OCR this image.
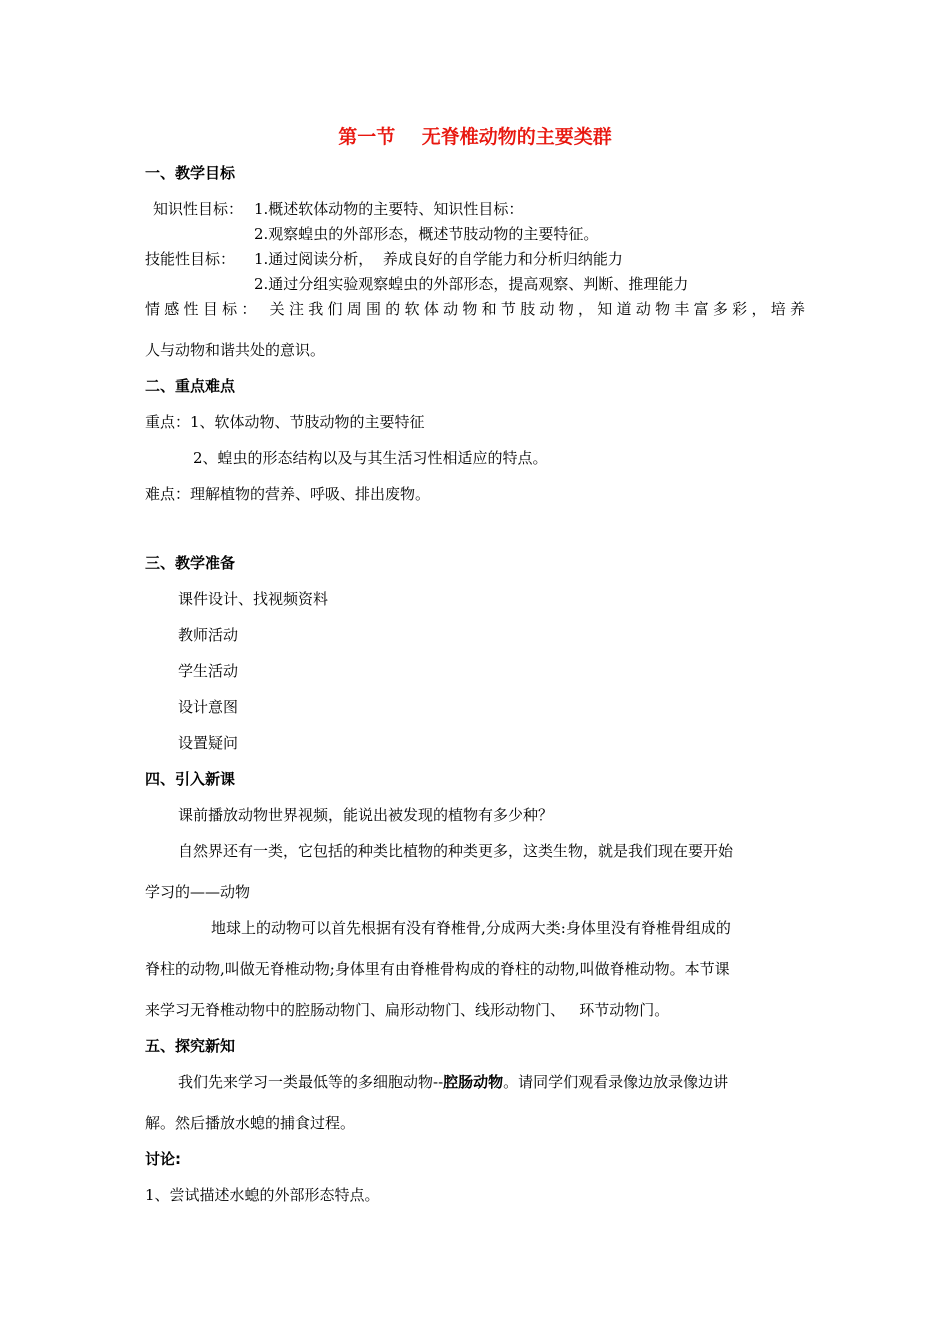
第一节    无脊椎动物的主要类群
一、教学目标
知识性目标： 1.概述软体动物的主要特、知识性目标：
2.观察蝗虫的外部形态，概述节肢动物的主要特征。
技能性目标： 1.通过阅读分析，  养成良好的自学能力和分析归纳能力
2.通过分组实验观察蝗虫的外部形态，提高观察、判断、推理能力
情感性目标： 关注我们周围的软体动物和节肢动物，知道动物丰富多彩，培养
人与动物和谐共处的意识。
二、重点难点
重点：1、软体动物、节肢动物的主要特征
2、蝗虫的形态结构以及与其生活习性相适应的特点。
难点：理解植物的营养、呼吸、排出废物。
三、教学准备
课件设计、找视频资料
教师活动
学生活动
设计意图
设置疑问
四、引入新课
课前播放动物世界视频，能说出被发现的植物有多少种？
自然界还有一类，它包括的种类比植物的种类更多，这类生物，就是我们现在要开始
学习的——动物
地球上的动物可以首先根据有没有脊椎骨,分成两大类:身体里没有脊椎骨组成的
脊柱的动物,叫做无脊椎动物;身体里有由脊椎骨构成的脊柱的动物,叫做脊椎动物。本节课
来学习无脊椎动物中的腔肠动物门、扁形动物门、线形动物门、   环节动物门。
五、探究新知
我们先来学习一类最低等的多细胞动物--腔肠动物。请同学们观看录像边放录像边讲
解。然后播放水螅的捕食过程。
讨论:
1、尝试描述水螅的外部形态特点。
